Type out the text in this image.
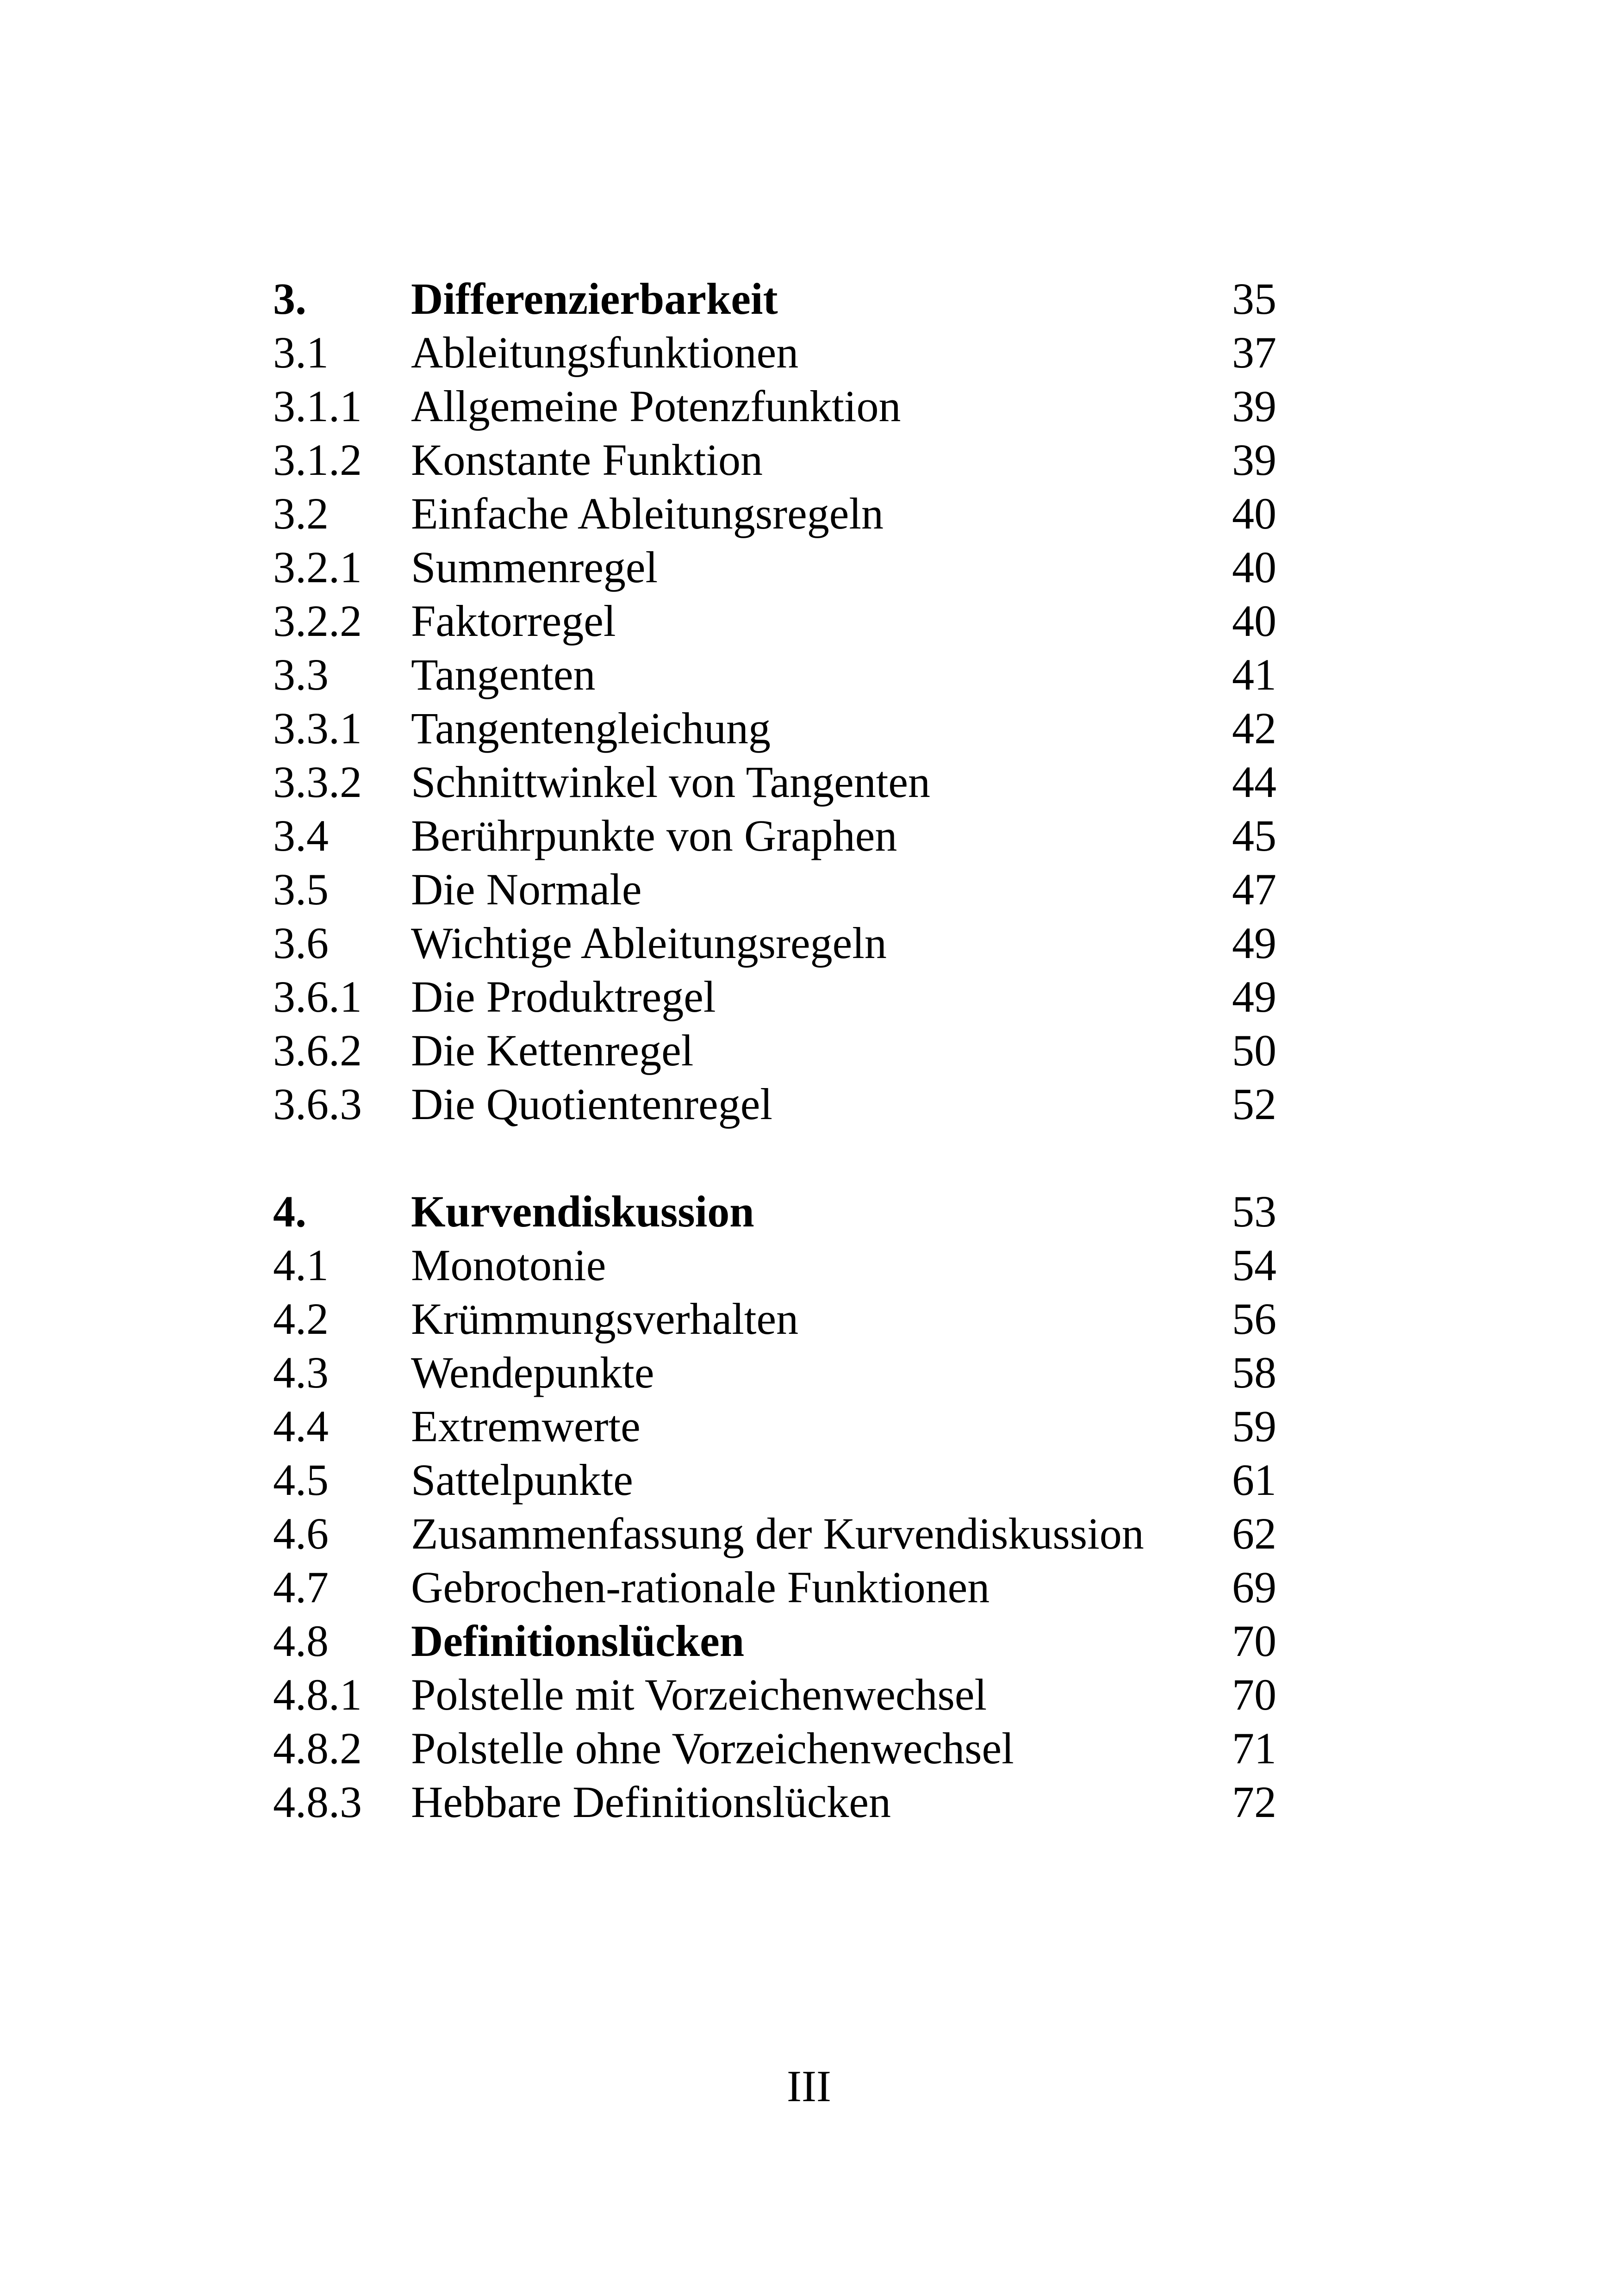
3. Differenzierbarkeit	35
3.1 Ableitungsfunktionen	37
3.1.1 Allgemeine Potenzfunktion	39
3.1.2 Konstante Funktion	39
3.2 Einfache Ableitungsregeln	40
3.2.1 Summenregel	40
3.2.2 Faktorregel	40
3.3 Tangenten	41
3.3.1 Tangentengleichung	42
3.3.2 Schnittwinkel von Tangenten	44
3.4 Berührpunkte von Graphen	45
3.5 Die Normale	47
3.6 Wichtige Ableitungsregeln	49
3.6.1 Die Produktregel	49
3.6.2 Die Kettenregel	50
3.6.3 Die Quotientenregel	52
4. Kurvendiskussion	53
4.1 Monotonie	54
4.2 Krümmungsverhalten	56
4.3 Wendepunkte	58
4.4 Extremwerte	59
4.5 Sattelpunkte	61
4.6 Zusammenfassung der Kurvendiskussion 62
4.7 Gebrochen-rationale Funktionen	69
4.8 Definitionslücken	70
4.8.1 Polstelle mit Vorzeichenwechsel	70
4.8.2 Polstelle ohne Vorzeichenwechsel	71
4.8.3 Hebbare Definitionslücken	72
III
